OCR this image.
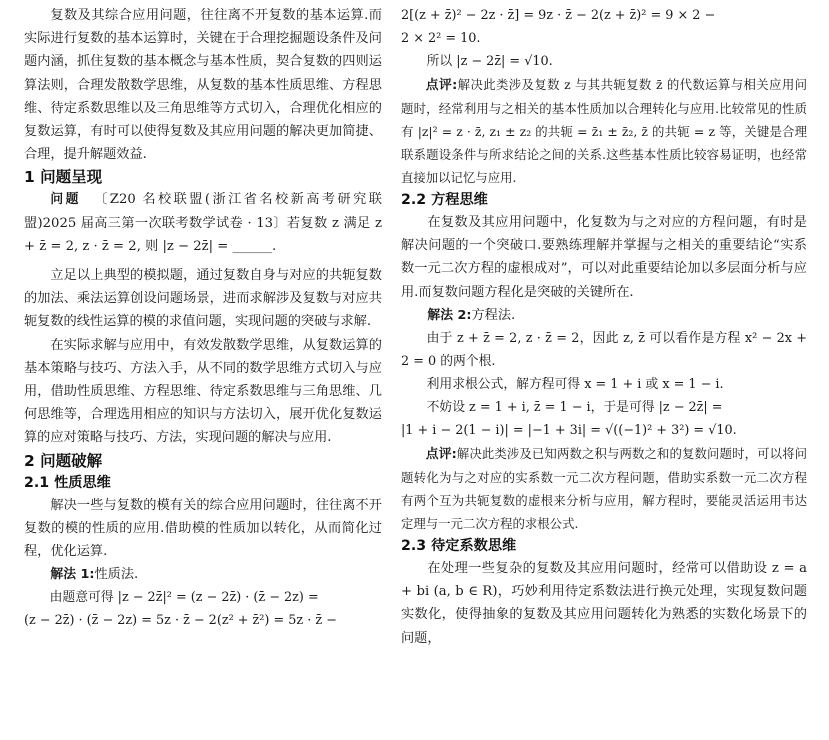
复数及其综合应用问题，往往离不开复数的基本运算.而实际进行复数的基本运算时，关键在于合理挖掘题设条件及问题内涵，抓住复数的基本概念与基本性质，契合复数的四则运算法则，合理发散数学思维，从复数的基本性质思维、方程思维、待定系数思维以及三角思维等方式切入，合理优化相应的复数运算，有时可以使得复数及其应用问题的解决更加简捷、合理，提升解题效益.

1 问题呈现

问题 〔Z20 名校联盟(浙江省名校新高考研究联盟)2025 届高三第一次联考数学试卷 · 13〕若复数 z 满足 z + z̄ = 2, z · z̄ = 2, 则 |z − 2z̄| = ______.

立足以上典型的模拟题，通过复数自身与对应的共轭复数的加法、乘法运算创设问题场景，进而求解涉及复数与对应共轭复数的线性运算的模的求值问题，实现问题的突破与求解.

在实际求解与应用中，有效发散数学思维，从复数运算的基本策略与技巧、方法入手，从不同的数学思维方式切入与应用，借助性质思维、方程思维、待定系数思维与三角思维、几何思维等，合理选用相应的知识与方法切入，展开优化复数运算的应对策略与技巧、方法，实现问题的解决与应用.

2 问题破解
2.1 性质思维

解决一些与复数的模有关的综合应用问题时，往往离不开复数的模的性质的应用.借助模的性质加以转化，从而简化过程，优化运算.

解法 1:性质法.

由题意可得 |z − 2z̄|² = (z − 2z̄) · (z̄ − 2z) =

(z − 2z̄) · (z̄ − 2z) = 5z · z̄ − 2(z² + z̄²) = 5z · z̄ −

2[(z + z̄)² − 2z · z̄] = 9z · z̄ − 2(z + z̄)² = 9 × 2 −

2 × 2² = 10.

所以 |z − 2z̄| = √10.

点评:解决此类涉及复数 z 与其共轭复数 z̄ 的代数运算与相关应用问题时，经常利用与之相关的基本性质加以合理转化与应用.比较常见的性质有 |z|² = z · z̄, z₁ ± z₂ 的共轭 = z̄₁ ± z̄₂, z̄ 的共轭 = z 等，关键是合理联系题设条件与所求结论之间的关系.这些基本性质比较容易证明，也经常直接加以记忆与应用.

2.2 方程思维

在复数及其应用问题中，化复数为与之对应的方程问题，有时是解决问题的一个突破口.要熟练理解并掌握与之相关的重要结论“实系数一元二次方程的虚根成对”，可以对此重要结论加以多层面分析与应用.而复数问题方程化是突破的关键所在.

解法 2:方程法.

由于 z + z̄ = 2, z · z̄ = 2，因此 z, z̄ 可以看作是方程 x² − 2x + 2 = 0 的两个根.

利用求根公式，解方程可得 x = 1 + i 或 x = 1 − i.

不妨设 z = 1 + i, z̄ = 1 − i，于是可得 |z − 2z̄| =

|1 + i − 2(1 − i)| = |−1 + 3i| = √((−1)² + 3²) = √10.

点评:解决此类涉及已知两数之积与两数之和的复数问题时，可以将问题转化为与之对应的实系数一元二次方程问题，借助实系数一元二次方程有两个互为共轭复数的虚根来分析与应用，解方程时，要能灵活运用韦达定理与一元二次方程的求根公式.

2.3 待定系数思维

在处理一些复杂的复数及其应用问题时，经常可以借助设 z = a + bi (a, b ∈ R)，巧妙利用待定系数法进行换元处理，实现复数问题实数化，使得抽象的复数及其应用问题转化为熟悉的实数化场景下的问题，
